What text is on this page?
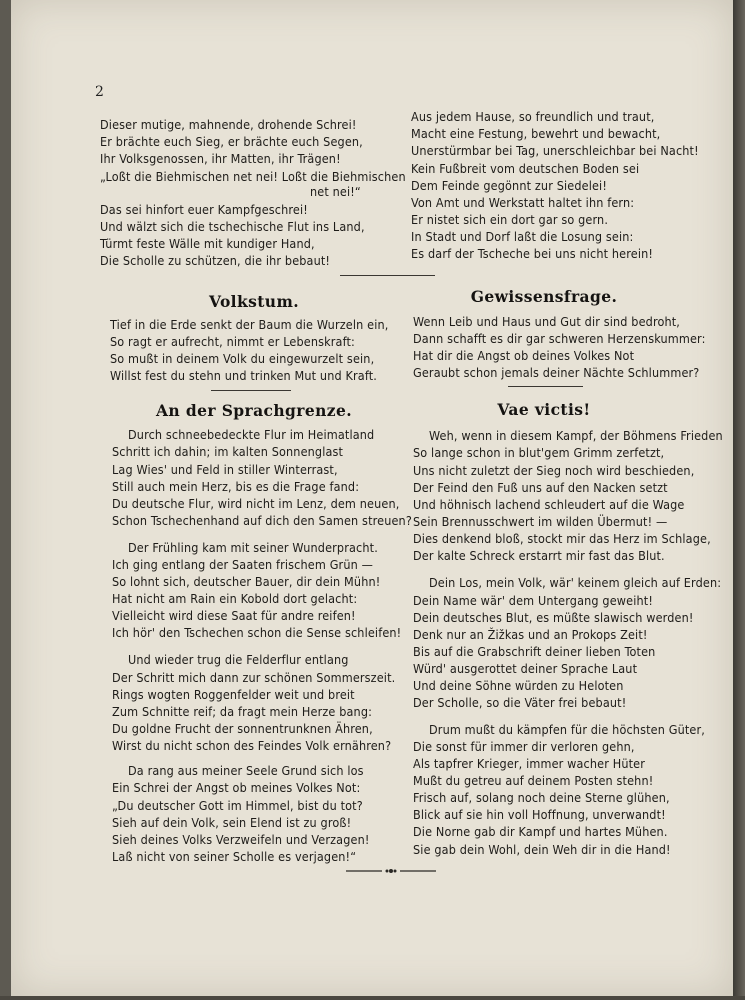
2
Dieser mutige, mahnende, drohende Schrei!
Er brächte euch Sieg, er brächte euch Segen,
Ihr Volksgenossen, ihr Matten, ihr Trägen!
„Loßt die Biehmischen net nei! Loßt die Biehmischen
net nei!“
Das sei hinfort euer Kampfgeschrei!
Und wälzt sich die tschechische Flut ins Land,
Türmt feste Wälle mit kundiger Hand,
Die Scholle zu schützen, die ihr bebaut!
Aus jedem Hause, so freundlich und traut,
Macht eine Festung, bewehrt und bewacht,
Unerstürmbar bei Tag, unerschleichbar bei Nacht!
Kein Fußbreit vom deutschen Boden sei
Dem Feinde gegönnt zur Siedelei!
Von Amt und Werkstatt haltet ihn fern:
Er nistet sich ein dort gar so gern.
In Stadt und Dorf laßt die Losung sein:
Es darf der Tscheche bei uns nicht herein!
Volkstum.
Tief in die Erde senkt der Baum die Wurzeln ein,
So ragt er aufrecht, nimmt er Lebenskraft:
So mußt in deinem Volk du eingewurzelt sein,
Willst fest du stehn und trinken Mut und Kraft.
Gewissensfrage.
Wenn Leib und Haus und Gut dir sind bedroht,
Dann schafft es dir gar schweren Herzenskummer:
Hat dir die Angst ob deines Volkes Not
Geraubt schon jemals deiner Nächte Schlummer?
An der Sprachgrenze.
Durch schneebedeckte Flur im Heimatland
Schritt ich dahin; im kalten Sonnenglast
Lag Wies' und Feld in stiller Winterrast,
Still auch mein Herz, bis es die Frage fand:
Du deutsche Flur, wird nicht im Lenz, dem neuen,
Schon Tschechenhand auf dich den Samen streuen?
Der Frühling kam mit seiner Wunderpracht.
Ich ging entlang der Saaten frischem Grün —
So lohnt sich, deutscher Bauer, dir dein Mühn!
Hat nicht am Rain ein Kobold dort gelacht:
Vielleicht wird diese Saat für andre reifen!
Ich hör' den Tschechen schon die Sense schleifen!
Und wieder trug die Felderflur entlang
Der Schritt mich dann zur schönen Sommerszeit.
Rings wogten Roggenfelder weit und breit
Zum Schnitte reif; da fragt mein Herze bang:
Du goldne Frucht der sonnentrunknen Ähren,
Wirst du nicht schon des Feindes Volk ernähren?
Da rang aus meiner Seele Grund sich los
Ein Schrei der Angst ob meines Volkes Not:
„Du deutscher Gott im Himmel, bist du tot?
Sieh auf dein Volk, sein Elend ist zu groß!
Sieh deines Volks Verzweifeln und Verzagen!
Laß nicht von seiner Scholle es verjagen!“
Vae victis!
Weh, wenn in diesem Kampf, der Böhmens Frieden
So lange schon in blut'gem Grimm zerfetzt,
Uns nicht zuletzt der Sieg noch wird beschieden,
Der Feind den Fuß uns auf den Nacken setzt
Und höhnisch lachend schleudert auf die Wage
Sein Brennusschwert im wilden Übermut! —
Dies denkend bloß, stockt mir das Herz im Schlage,
Der kalte Schreck erstarrt mir fast das Blut.
Dein Los, mein Volk, wär' keinem gleich auf Erden:
Dein Name wär' dem Untergang geweiht!
Dein deutsches Blut, es müßte slawisch werden!
Denk nur an Žižkas und an Prokops Zeit!
Bis auf die Grabschrift deiner lieben Toten
Würd' ausgerottet deiner Sprache Laut
Und deine Söhne würden zu Heloten
Der Scholle, so die Väter frei bebaut!
Drum mußt du kämpfen für die höchsten Güter,
Die sonst für immer dir verloren gehn,
Als tapfrer Krieger, immer wacher Hüter
Mußt du getreu auf deinem Posten stehn!
Frisch auf, solang noch deine Sterne glühen,
Blick auf sie hin voll Hoffnung, unverwandt!
Die Norne gab dir Kampf und hartes Mühen.
Sie gab dein Wohl, dein Weh dir in die Hand!
